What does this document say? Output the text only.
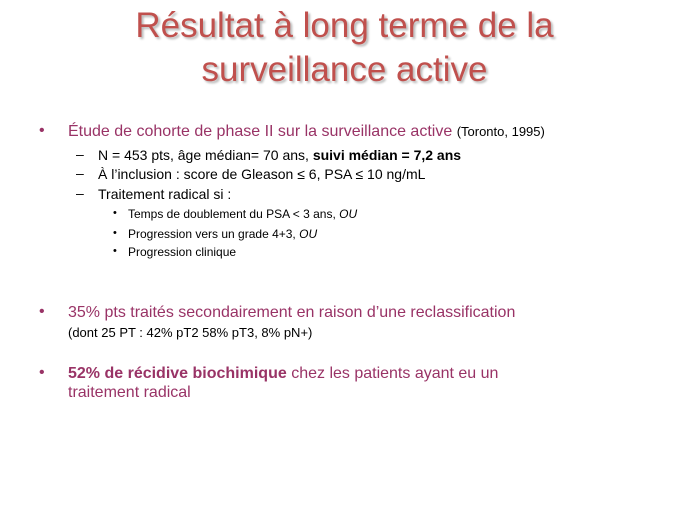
Résultat à long terme de la
surveillance active
• Étude de cohorte de phase II sur la surveillance active (Toronto, 1995)
– N = 453 pts, âge médian= 70 ans, suivi médian = 7,2 ans
– À l’inclusion : score de Gleason ≤ 6, PSA ≤ 10 ng/mL
– Traitement radical si :
• Temps de doublement du PSA < 3 ans, OU
• Progression vers un grade 4+3, OU
• Progression clinique
• 35% pts traités secondairement en raison d’une reclassification
(dont 25 PT : 42% pT2 58% pT3, 8% pN+)
• 52% de récidive biochimique chez les patients ayant eu un
traitement radical
